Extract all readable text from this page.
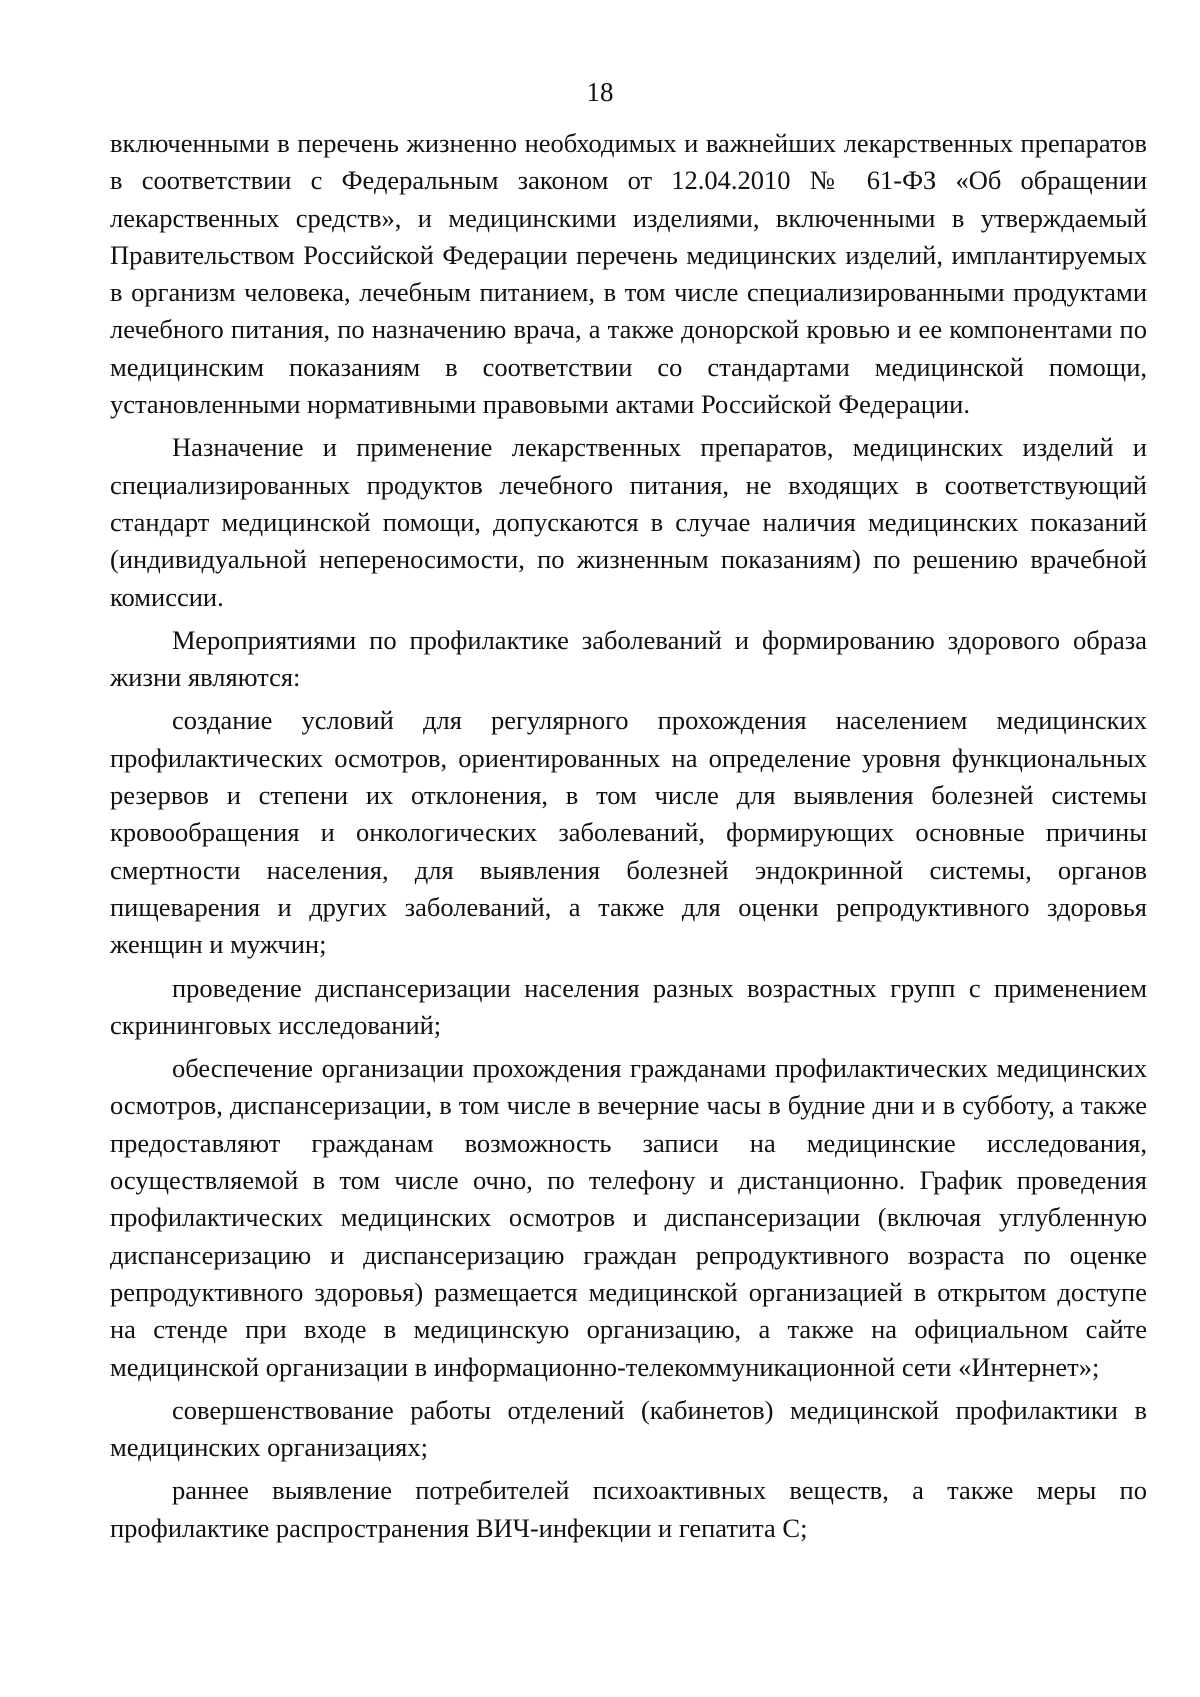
18

включенными в перечень жизненно необходимых и важнейших лекарственных препаратов в соответствии с Федеральным законом от 12.04.2010 № 61-ФЗ «Об обращении лекарственных средств», и медицинскими изделиями, включенными в утверждаемый Правительством Российской Федерации перечень медицинских изделий, имплантируемых в организм человека, лечебным питанием, в том числе специализированными продуктами лечебного питания, по назначению врача, а также донорской кровью и ее компонентами по медицинским показаниям в соответствии со стандартами медицинской помощи, установленными нормативными правовыми актами Российской Федерации.

Назначение и применение лекарственных препаратов, медицинских изделий и специализированных продуктов лечебного питания, не входящих в соответствующий стандарт медицинской помощи, допускаются в случае наличия медицинских показаний (индивидуальной непереносимости, по жизненным показаниям) по решению врачебной комиссии.

Мероприятиями по профилактике заболеваний и формированию здорового образа жизни являются:

создание условий для регулярного прохождения населением медицинских профилактических осмотров, ориентированных на определение уровня функциональных резервов и степени их отклонения, в том числе для выявления болезней системы кровообращения и онкологических заболеваний, формирующих основные причины смертности населения, для выявления болезней эндокринной системы, органов пищеварения и других заболеваний, а также для оценки репродуктивного здоровья женщин и мужчин;

проведение диспансеризации населения разных возрастных групп с применением скрининговых исследований;

обеспечение организации прохождения гражданами профилактических медицинских осмотров, диспансеризации, в том числе в вечерние часы в будние дни и в субботу, а также предоставляют гражданам возможность записи на медицинские исследования, осуществляемой в том числе очно, по телефону и дистанционно. График проведения профилактических медицинских осмотров и диспансеризации (включая углубленную диспансеризацию и диспансеризацию граждан репродуктивного возраста по оценке репродуктивного здоровья) размещается медицинской организацией в открытом доступе на стенде при входе в медицинскую организацию, а также на официальном сайте медицинской организации в информационно-телекоммуникационной сети «Интернет»;

совершенствование работы отделений (кабинетов) медицинской профилактики в медицинских организациях;

раннее выявление потребителей психоактивных веществ, а также меры по профилактике распространения ВИЧ-инфекции и гепатита С;
